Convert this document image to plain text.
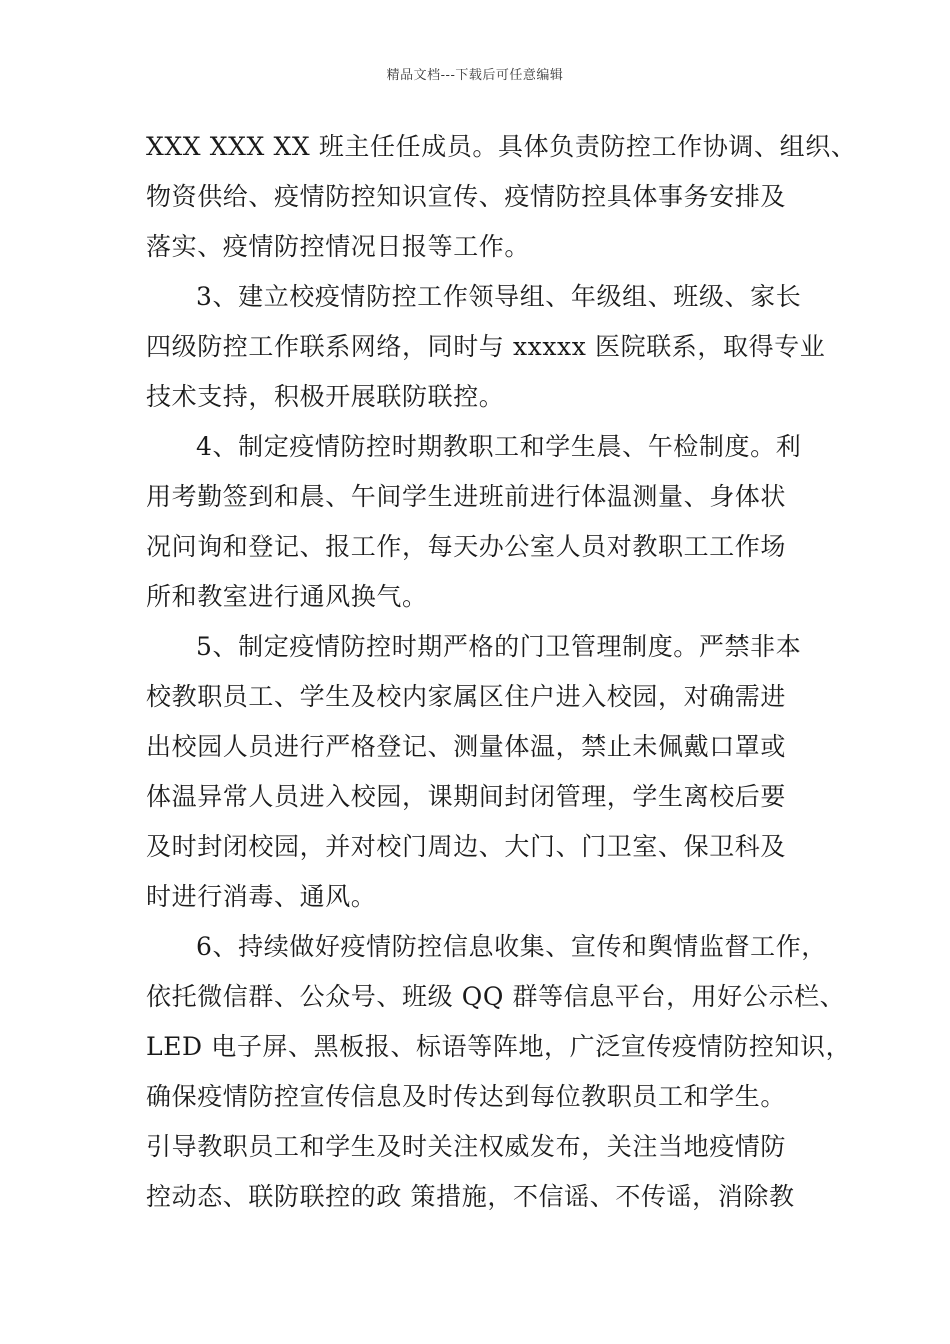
精品文档---下载后可任意编辑
XXX XXX XX 班主任任成员。具体负责防控工作协调、组织、
物资供给、疫情防控知识宣传、疫情防控具体事务安排及
落实、疫情防控情况日报等工作。
3、建立校疫情防控工作领导组、年级组、班级、家长
四级防控工作联系网络，同时与 xxxxx 医院联系，取得专业
技术支持，积极开展联防联控。
4、制定疫情防控时期教职工和学生晨、午检制度。利
用考勤签到和晨、午间学生进班前进行体温测量、身体状
况问询和登记、报工作，每天办公室人员对教职工工作场
所和教室进行通风换气。
5、制定疫情防控时期严格的门卫管理制度。严禁非本
校教职员工、学生及校内家属区住户进入校园，对确需进
出校园人员进行严格登记、测量体温，禁止未佩戴口罩或
体温异常人员进入校园，课期间封闭管理，学生离校后要
及时封闭校园，并对校门周边、大门、门卫室、保卫科及
时进行消毒、通风。
6、持续做好疫情防控信息收集、宣传和舆情监督工作，
依托微信群、公众号、班级 QQ 群等信息平台，用好公示栏、
LED 电子屏、黑板报、标语等阵地，广泛宣传疫情防控知识，
确保疫情防控宣传信息及时传达到每位教职员工和学生。
引导教职员工和学生及时关注权威发布，关注当地疫情防
控动态、联防联控的政 策措施，不信谣、不传谣，消除教
